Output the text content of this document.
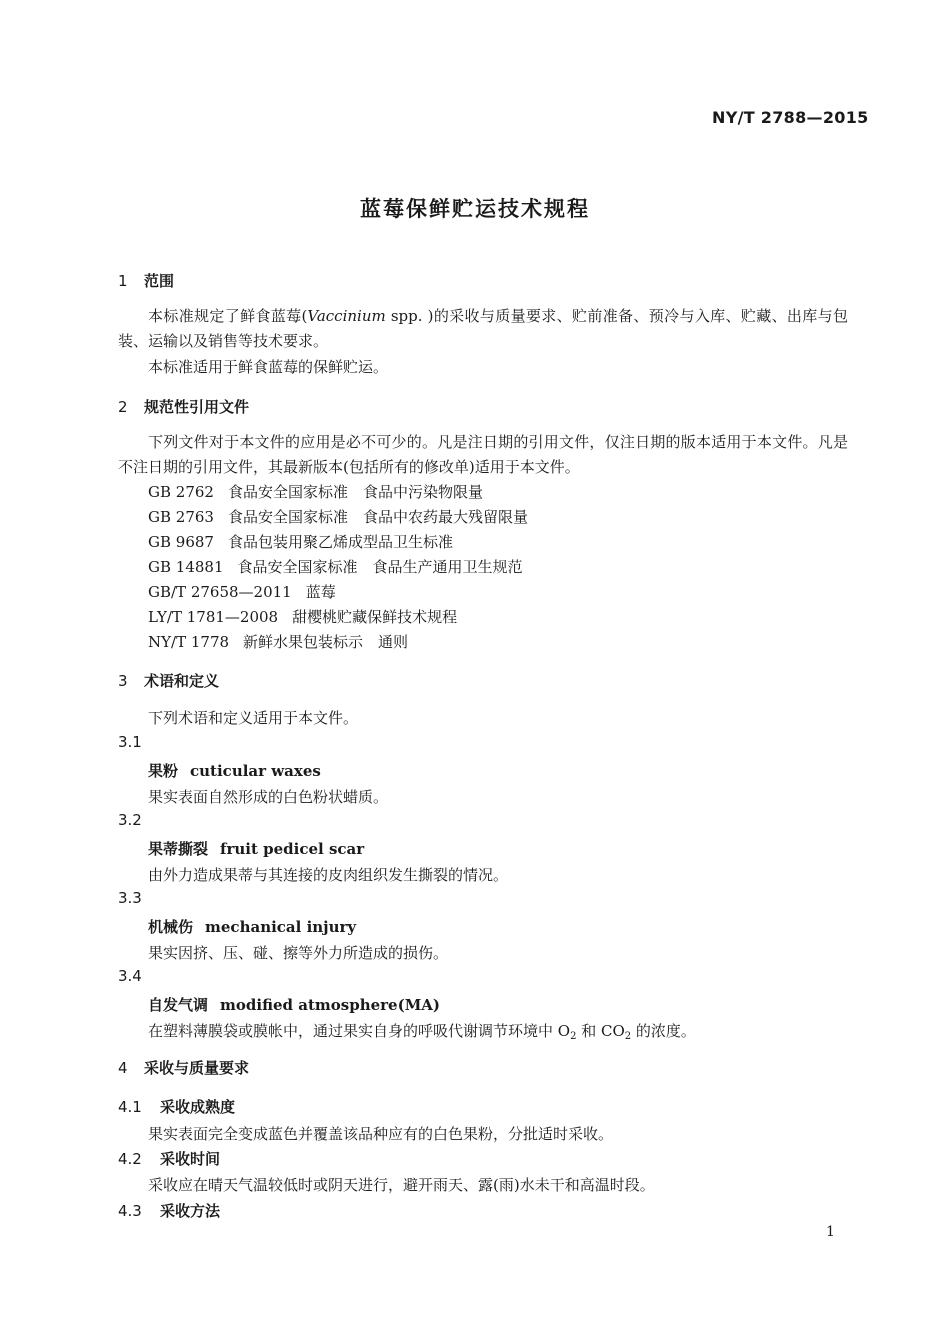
NY/T 2788—2015
蓝莓保鲜贮运技术规程
1 范围
本标准规定了鲜食蓝莓(Vaccinium spp. )的采收与质量要求、贮前准备、预冷与入库、贮藏、出库与包装、运输以及销售等技术要求。
本标准适用于鲜食蓝莓的保鲜贮运。
2 规范性引用文件
下列文件对于本文件的应用是必不可少的。凡是注日期的引用文件，仅注日期的版本适用于本文件。凡是不注日期的引用文件，其最新版本(包括所有的修改单)适用于本文件。
GB 2762 食品安全国家标准　食品中污染物限量
GB 2763 食品安全国家标准　食品中农药最大残留限量
GB 9687 食品包装用聚乙烯成型品卫生标准
GB 14881 食品安全国家标准　食品生产通用卫生规范
GB/T 27658—2011 蓝莓
LY/T 1781—2008 甜樱桃贮藏保鲜技术规程
NY/T 1778 新鲜水果包装标示　通则
3 术语和定义
下列术语和定义适用于本文件。
3.1
果粉 cuticular waxes
果实表面自然形成的白色粉状蜡质。
3.2
果蒂撕裂 fruit pedicel scar
由外力造成果蒂与其连接的皮肉组织发生撕裂的情况。
3.3
机械伤 mechanical injury
果实因挤、压、碰、擦等外力所造成的损伤。
3.4
自发气调 modified atmosphere(MA)
在塑料薄膜袋或膜帐中，通过果实自身的呼吸代谢调节环境中 $O_2$ 和 $CO_2$ 的浓度。
4 采收与质量要求
4.1 采收成熟度
果实表面完全变成蓝色并覆盖该品种应有的白色果粉，分批适时采收。
4.2 采收时间
采收应在晴天气温较低时或阴天进行，避开雨天、露(雨)水未干和高温时段。
4.3 采收方法
1
